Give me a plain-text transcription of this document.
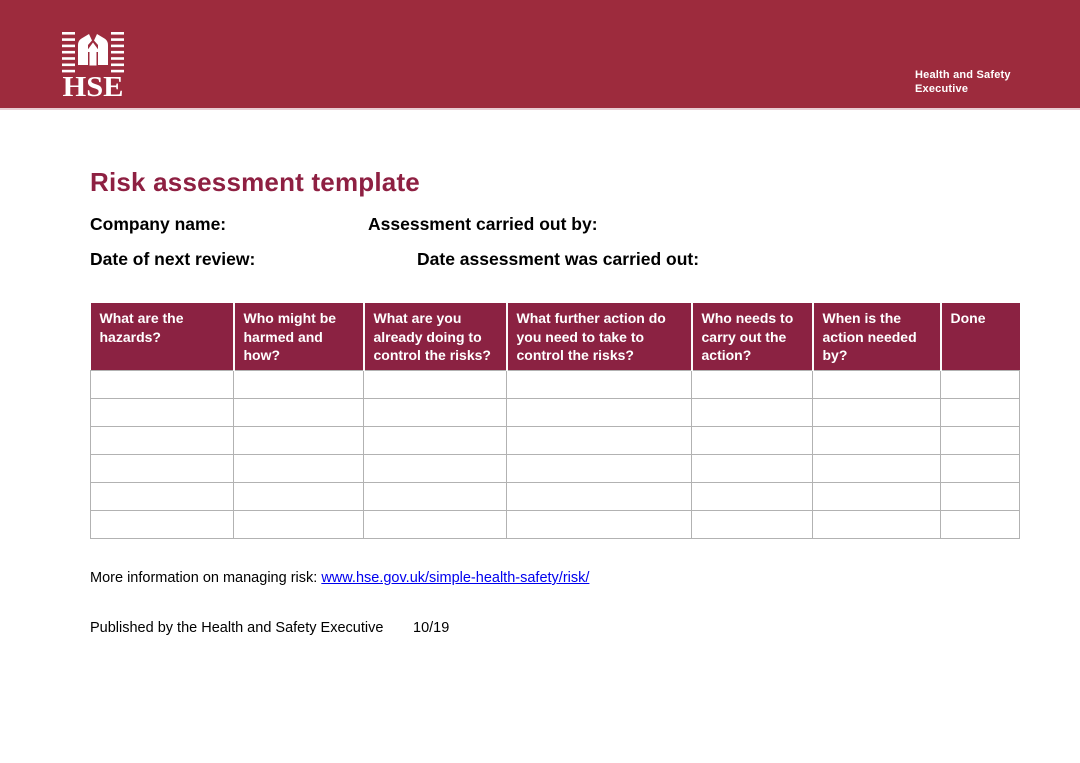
HSE	Health and Safety
Executive
Risk assessment template
Company name:	Assessment carried out by:
Date of next review:	Date assessment was carried out:
What are the hazards?	Who might be harmed and how?	What are you already doing to control the risks?	What further action do you need to take to control the risks?	Who needs to carry out the action?	When is the action needed by?	Done

More information on managing risk: www.hse.gov.uk/simple-health-safety/risk/
Published by the Health and Safety Executive 10/19
